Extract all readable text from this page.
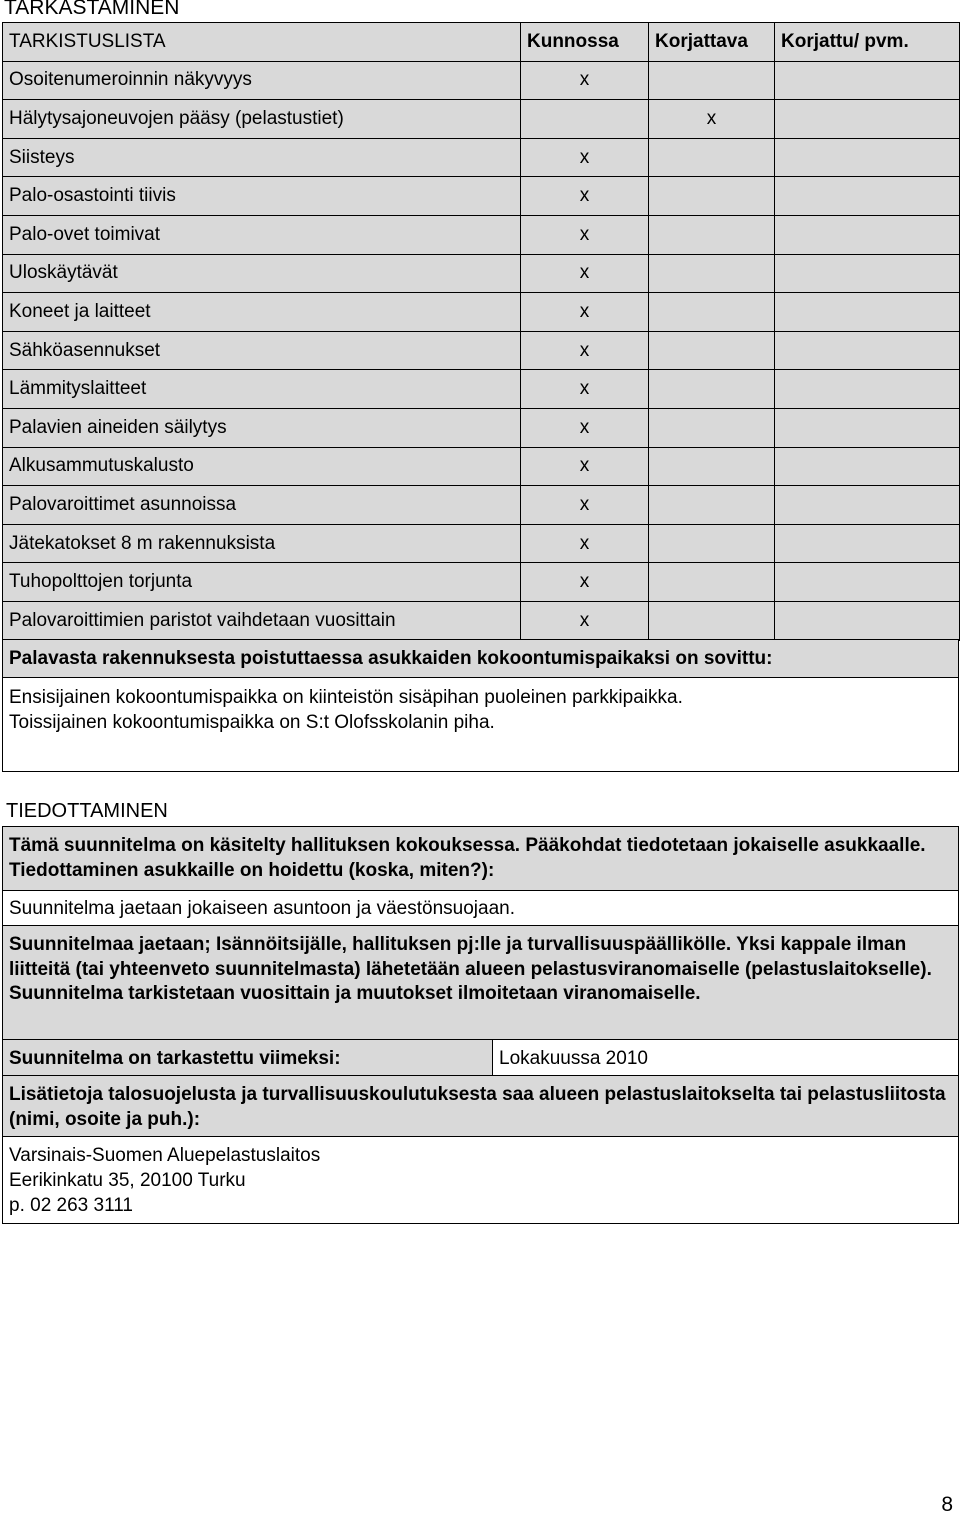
TARKASTAMINEN
TARKISTUSLISTA	Kunnossa	Korjattava	Korjattu/ pvm.
Osoitenumeroinnin näkyvyys	x		
Hälytysajoneuvojen pääsy (pelastustiet)		x	
Siisteys	x		
Palo-osastointi tiivis	x		
Palo-ovet toimivat	x		
Uloskäytävät	x		
Koneet ja laitteet	x		
Sähköasennukset	x		
Lämmityslaitteet	x		
Palavien aineiden säilytys	x		
Alkusammutuskalusto	x		
Palovaroittimet asunnoissa	x		
Jätekatokset 8 m rakennuksista	x		
Tuhopolttojen torjunta	x		
Palovaroittimien paristot vaihdetaan vuosittain	x		
Palavasta rakennuksesta poistuttaessa asukkaiden kokoontumispaikaksi on sovittu:
Ensisijainen kokoontumispaikka on kiinteistön sisäpihan puoleinen parkkipaikka.
Toissijainen kokoontumispaikka on S:t Olofsskolanin piha.
TIEDOTTAMINEN
Tämä suunnitelma on käsitelty hallituksen kokouksessa. Pääkohdat tiedotetaan jokaiselle asukkaalle. Tiedottaminen asukkaille on hoidettu (koska, miten?):
Suunnitelma jaetaan jokaiseen asuntoon ja väestönsuojaan.
Suunnitelmaa jaetaan; Isännöitsijälle, hallituksen pj:lle ja turvallisuuspäällikölle. Yksi kappale ilman liitteitä (tai yhteenveto suunnitelmasta) lähetetään alueen pelastusviranomaiselle (pelastuslaitokselle). Suunnitelma tarkistetaan vuosittain ja muutokset ilmoitetaan viranomaiselle.
Suunnitelma on tarkastettu viimeksi:	Lokakuussa 2010
Lisätietoja talosuojelusta ja turvallisuuskoulutuksesta saa alueen pelastuslaitokselta tai pelastusliitosta (nimi, osoite ja puh.):
Varsinais-Suomen Aluepelastuslaitos
Eerikinkatu 35, 20100 Turku
p. 02 263 3111
8
